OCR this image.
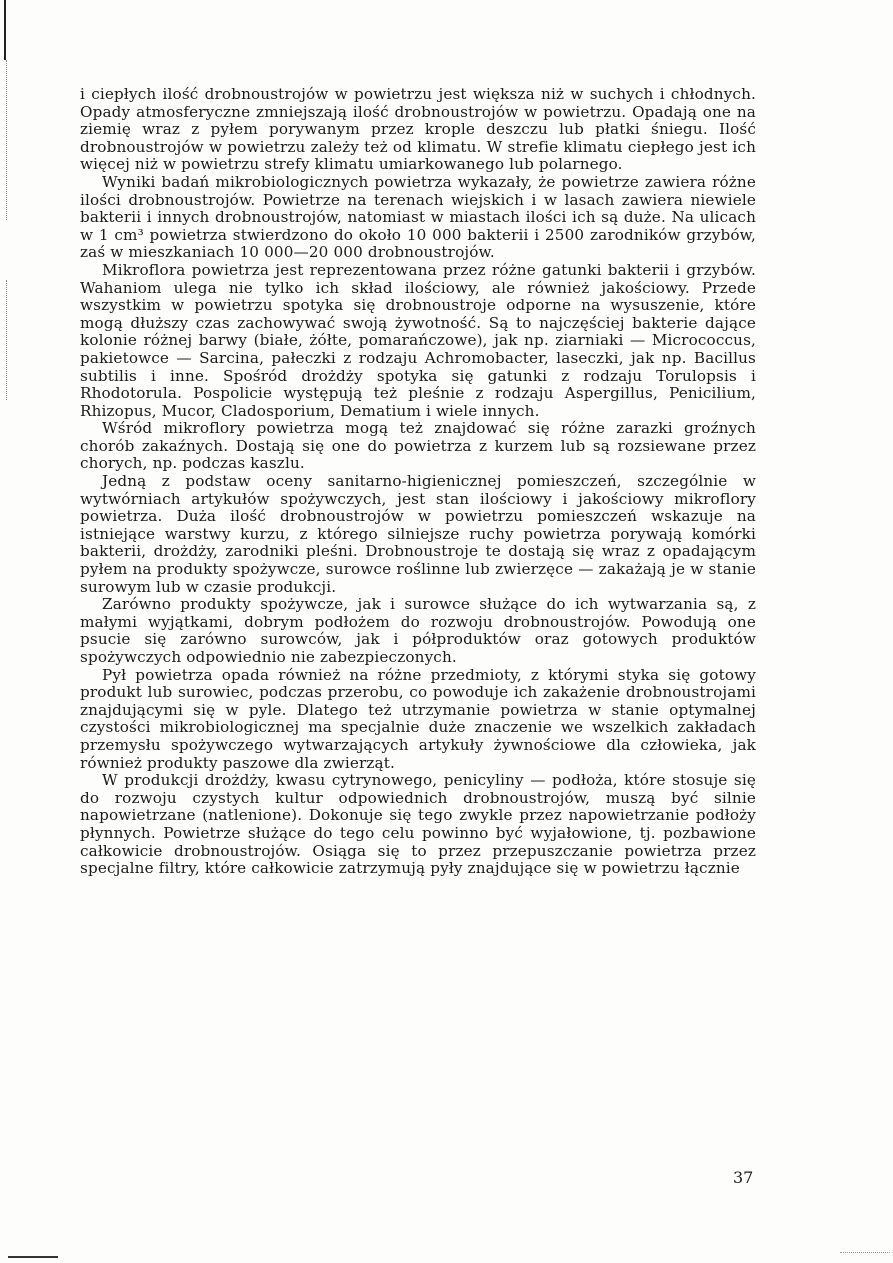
i ciepłych ilość drobnoustrojów w powietrzu jest większa niż w suchych i chłodnych. Opady atmosferyczne zmniejszają ilość drobnoustrojów w powietrzu. Opadają one na ziemię wraz z pyłem porywanym przez krople deszczu lub płatki śniegu. Ilość drobnoustrojów w powietrzu zależy też od klimatu. W strefie klimatu ciepłego jest ich więcej niż w powietrzu strefy klimatu umiarkowanego lub polarnego.

Wyniki badań mikrobiologicznych powietrza wykazały, że powietrze zawiera różne ilości drobnoustrojów. Powietrze na terenach wiejskich i w lasach zawiera niewiele bakterii i innych drobnoustrojów, natomiast w miastach ilości ich są duże. Na ulicach w 1 cm³ powietrza stwierdzono do około 10 000 bakterii i 2500 zarodników grzybów, zaś w mieszkaniach 10 000—20 000 drobnoustrojów.

Mikroflora powietrza jest reprezentowana przez różne gatunki bakterii i grzybów. Wahaniom ulega nie tylko ich skład ilościowy, ale również jakościowy. Przede wszystkim w powietrzu spotyka się drobnoustroje odporne na wysuszenie, które mogą dłuższy czas zachowywać swoją żywotność. Są to najczęściej bakterie dające kolonie różnej barwy (białe, żółte, pomarańczowe), jak np. ziarniaki — Micrococcus, pakietowce — Sarcina, pałeczki z rodzaju Achromobacter, laseczki, jak np. Bacillus subtilis i inne. Spośród drożdży spotyka się gatunki z rodzaju Torulopsis i Rhodotorula. Pospolicie występują też pleśnie z rodzaju Aspergillus, Penicilium, Rhizopus, Mucor, Cladosporium, Dematium i wiele innych.

Wśród mikroflory powietrza mogą też znajdować się różne zarazki groźnych chorób zakaźnych. Dostają się one do powietrza z kurzem lub są rozsiewane przez chorych, np. podczas kaszlu.

Jedną z podstaw oceny sanitarno-higienicznej pomieszczeń, szczególnie w wytwórniach artykułów spożywczych, jest stan ilościowy i jakościowy mikroflory powietrza. Duża ilość drobnoustrojów w powietrzu pomieszczeń wskazuje na istniejące warstwy kurzu, z którego silniejsze ruchy powietrza porywają komórki bakterii, drożdży, zarodniki pleśni. Drobnoustroje te dostają się wraz z opadającym pyłem na produkty spożywcze, surowce roślinne lub zwierzęce — zakażają je w stanie surowym lub w czasie produkcji.

Zarówno produkty spożywcze, jak i surowce służące do ich wytwarzania są, z małymi wyjątkami, dobrym podłożem do rozwoju drobnoustrojów. Powodują one psucie się zarówno surowców, jak i półproduktów oraz gotowych produktów spożywczych odpowiednio nie zabezpieczonych.

Pył powietrza opada również na różne przedmioty, z którymi styka się gotowy produkt lub surowiec, podczas przerobu, co powoduje ich zakażenie drobnoustrojami znajdującymi się w pyle. Dlatego też utrzymanie powietrza w stanie optymalnej czystości mikrobiologicznej ma specjalnie duże znaczenie we wszelkich zakładach przemysłu spożywczego wytwarzających artykuły żywnościowe dla człowieka, jak również produkty paszowe dla zwierząt.

W produkcji drożdży, kwasu cytrynowego, penicyliny — podłoża, które stosuje się do rozwoju czystych kultur odpowiednich drobnoustrojów, muszą być silnie napowietrzane (natlenione). Dokonuje się tego zwykle przez napowietrzanie podłoży płynnych. Powietrze służące do tego celu powinno być wyjałowione, tj. pozbawione całkowicie drobnoustrojów. Osiąga się to przez przepuszczanie powietrza przez specjalne filtry, które całkowicie zatrzymują pyły znajdujące się w powietrzu łącznie

37
